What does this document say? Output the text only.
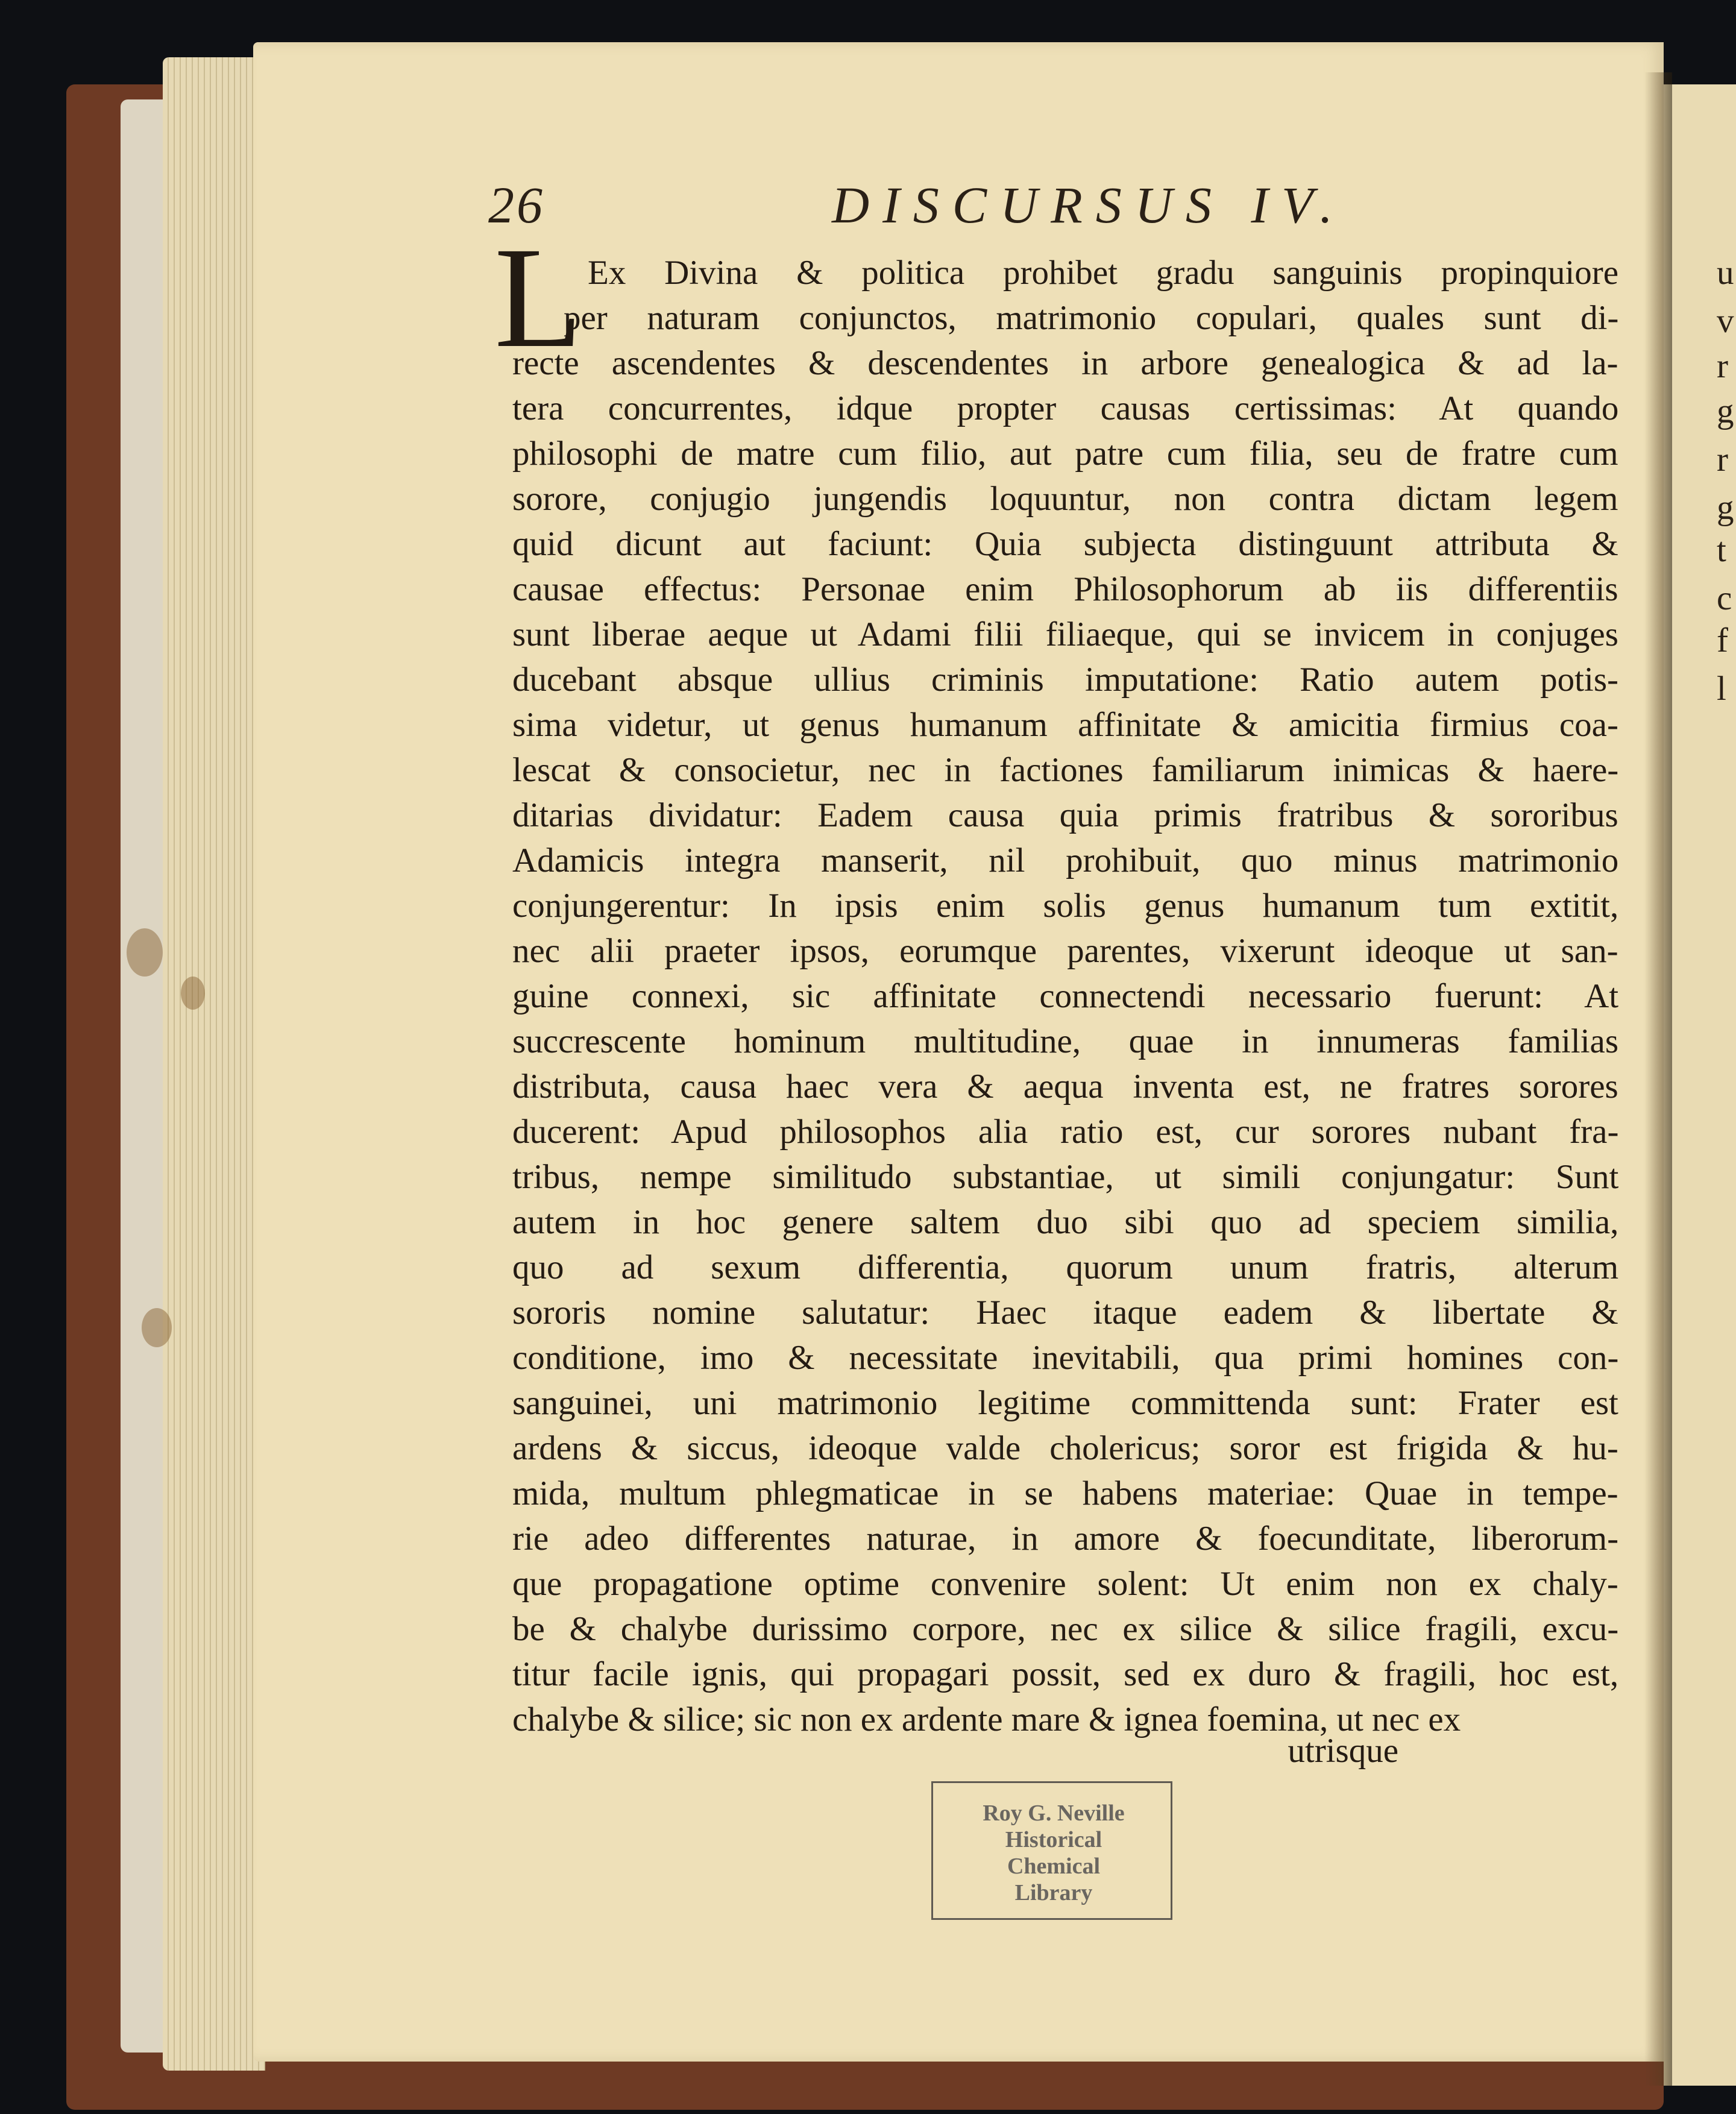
26	DISCURSUS IV.
L Ex Divina & politica prohibet gradu sanguinis propinquiore
per naturam conjunctos, matrimonio copulari, quales sunt di-
recte ascendentes & descendentes in arbore genealogica & ad la-
tera concurrentes, idque propter causas certissimas: At quando
philosophi de matre cum filio, aut patre cum filia, seu de fratre cum
sorore, conjugio jungendis loquuntur, non contra dictam legem
quid dicunt aut faciunt: Quia subjecta distinguunt attributa &
causae effectus: Personae enim Philosophorum ab iis differentiis
sunt liberae aeque ut Adami filii filiaeque, qui se invicem in conjuges
ducebant absque ullius criminis imputatione: Ratio autem potis-
sima videtur, ut genus humanum affinitate & amicitia firmius coa-
lescat & consocietur, nec in factiones familiarum inimicas & haere-
ditarias dividatur: Eadem causa quia primis fratribus & sororibus
Adamicis integra manserit, nil prohibuit, quo minus matrimonio
conjungerentur: In ipsis enim solis genus humanum tum extitit,
nec alii praeter ipsos, eorumque parentes, vixerunt ideoque ut san-
guine connexi, sic affinitate connectendi necessario fuerunt: At
succrescente hominum multitudine, quae in innumeras familias
distributa, causa haec vera & aequa inventa est, ne fratres sorores
ducerent: Apud philosophos alia ratio est, cur sorores nubant fra-
tribus, nempe similitudo substantiae, ut simili conjungatur: Sunt
autem in hoc genere saltem duo sibi quo ad speciem similia,
quo ad sexum differentia, quorum unum fratris, alterum
sororis nomine salutatur: Haec itaque eadem & libertate &
conditione, imo & necessitate inevitabili, qua primi homines con-
sanguinei, uni matrimonio legitime committenda sunt: Frater est
ardens & siccus, ideoque valde cholericus; soror est frigida & hu-
mida, multum phlegmaticae in se habens materiae: Quae in tempe-
rie adeo differentes naturae, in amore & foecunditate, liberorum-
que propagatione optime convenire solent: Ut enim non ex chaly-
be & chalybe durissimo corpore, nec ex silice & silice fragili, excu-
titur facile ignis, qui propagari possit, sed ex duro & fragili, hoc est,
chalybe & silice; sic non ex ardente mare & ignea foemina, ut nec ex
utrisque
Roy G. Neville
Historical
Chemical
Library
u
v
r
g
r
g
t
c
f
l
